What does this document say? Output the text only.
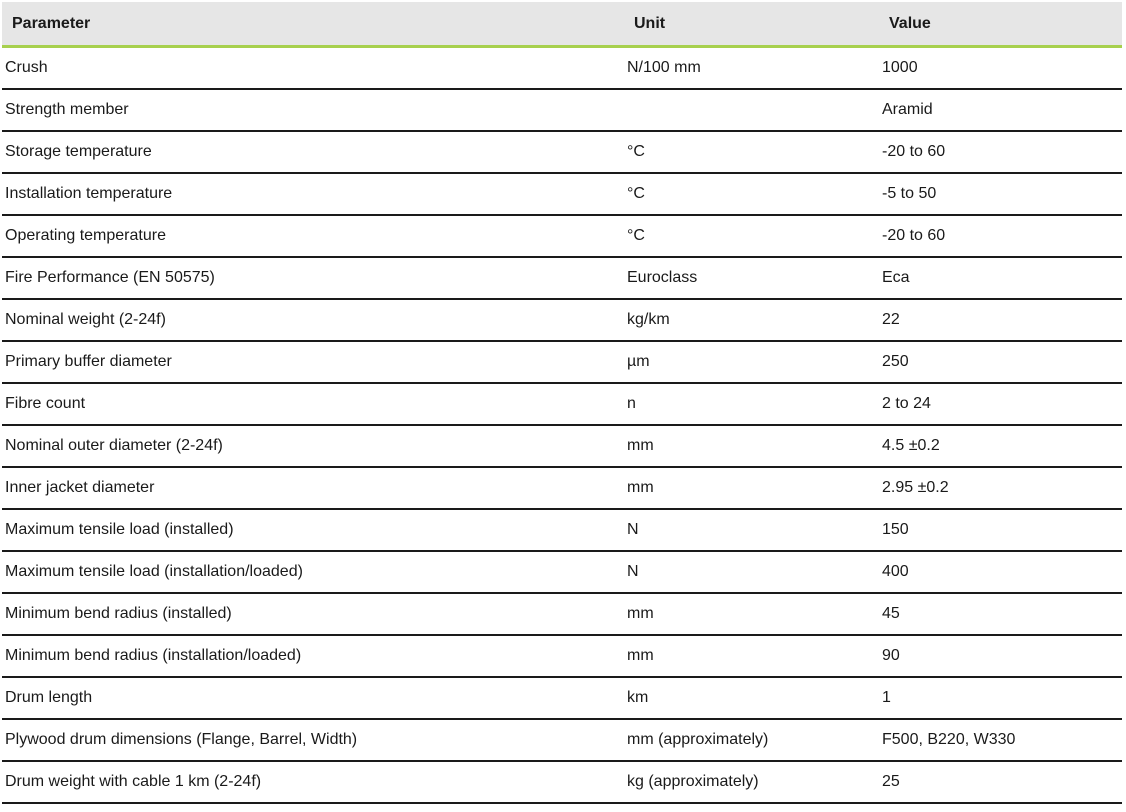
Parameter	Unit	Value
Crush	N/100 mm	1000
Strength member		Aramid
Storage temperature	°C	-20 to 60
Installation temperature	°C	-5 to 50
Operating temperature	°C	-20 to 60
Fire Performance (EN 50575)	Euroclass	Eca
Nominal weight (2-24f)	kg/km	22
Primary buffer diameter	µm	250
Fibre count	n	2 to 24
Nominal outer diameter (2-24f)	mm	4.5 ±0.2
Inner jacket diameter	mm	2.95 ±0.2
Maximum tensile load (installed)	N	150
Maximum tensile load (installation/loaded)	N	400
Minimum bend radius (installed)	mm	45
Minimum bend radius (installation/loaded)	mm	90
Drum length	km	1
Plywood drum dimensions (Flange, Barrel, Width)	mm (approximately)	F500, B220, W330
Drum weight with cable 1 km (2-24f)	kg (approximately)	25
